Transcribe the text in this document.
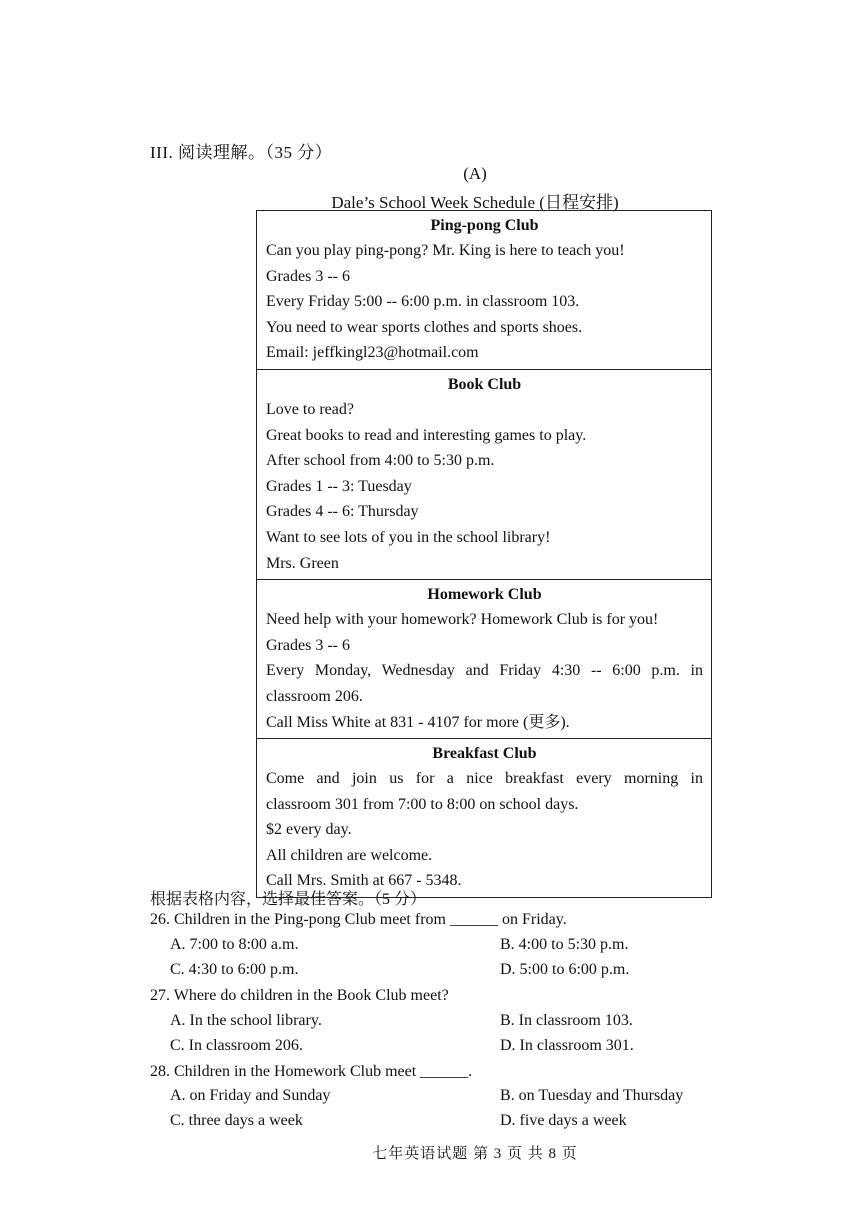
III. 阅读理解。（35 分）
(A)
Dale’s School Week Schedule (日程安排)
Ping-pong Club
Can you play ping-pong? Mr. King is here to teach you!
Grades 3 -- 6
Every Friday 5:00 -- 6:00 p.m. in classroom 103.
You need to wear sports clothes and sports shoes.
Email: jeffkingl23@hotmail.com
Book Club
Love to read?
Great books to read and interesting games to play.
After school from 4:00 to 5:30 p.m.
Grades 1 -- 3: Tuesday
Grades 4 -- 6: Thursday
Want to see lots of you in the school library!
Mrs. Green
Homework Club
Need help with your homework? Homework Club is for you!
Grades 3 -- 6
Every Monday, Wednesday and Friday 4:30 -- 6:00 p.m. in
classroom 206.
Call Miss White at 831 - 4107 for more (更多).
Breakfast Club
Come and join us for a nice breakfast every morning in
classroom 301 from 7:00 to 8:00 on school days.
$2 every day.
All children are welcome.
Call Mrs. Smith at 667 - 5348.
根据表格内容，选择最佳答案。（5 分）
26. Children in the Ping-pong Club meet from ______ on Friday.
A. 7:00 to 8:00 a.m.	B. 4:00 to 5:30 p.m.
C. 4:30 to 6:00 p.m.	D. 5:00 to 6:00 p.m.
27. Where do children in the Book Club meet?
A. In the school library.	B. In classroom 103.
C. In classroom 206.	D. In classroom 301.
28. Children in the Homework Club meet ______.
A. on Friday and Sunday	B. on Tuesday and Thursday
C. three days a week	D. five days a week
七年英语试题 第 3 页 共 8 页
